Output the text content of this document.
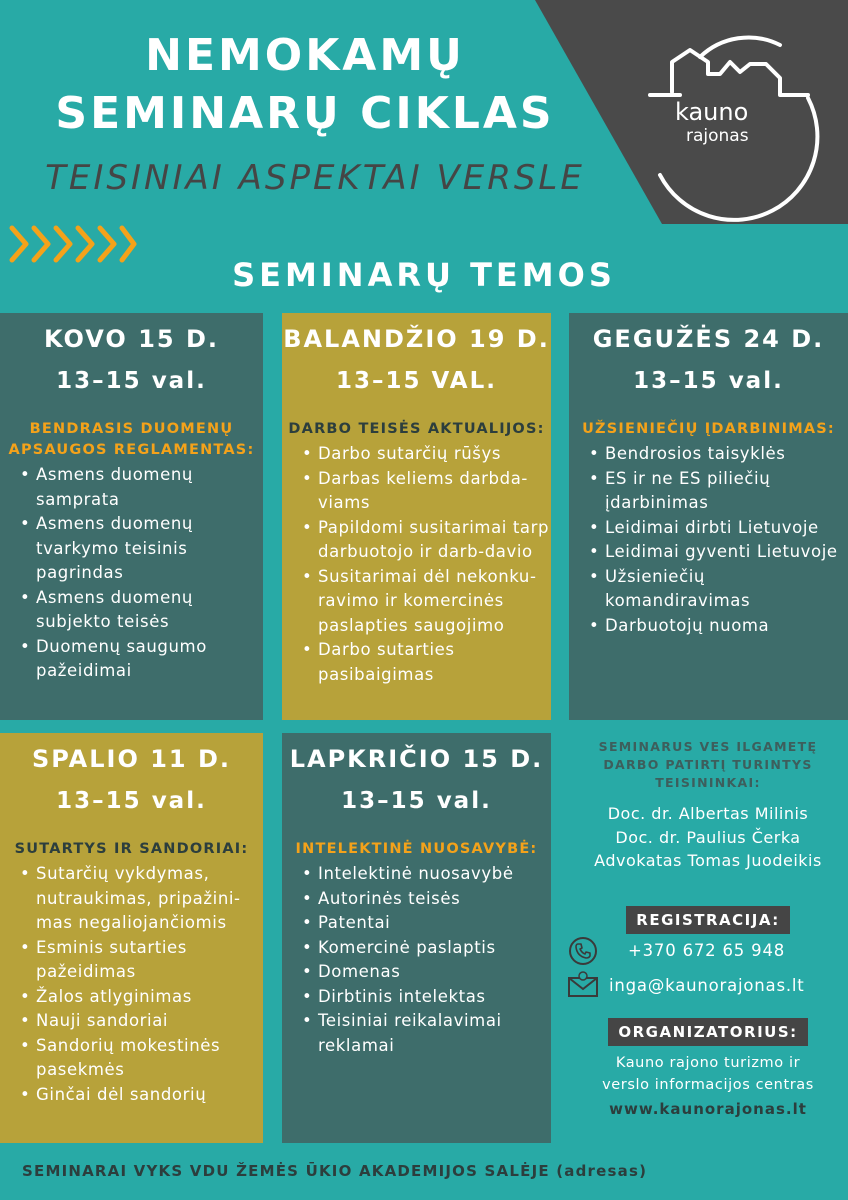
kauno
rajonas
NEMOKAMŲ
SEMINARŲ CIKLAS
TEISINIAI ASPEKTAI VERSLE
SEMINARŲ TEMOS
KOVO 15 D.
13–15 val.
BENDRASIS DUOMENŲ APSAUGOS REGLAMENTAS:
• Asmens duomenų samprata
• Asmens duomenų tvarkymo teisinis pagrindas
• Asmens duomenų subjekto teisės
• Duomenų saugumo pažeidimai
BALANDŽIO 19 D.
13–15 VAL.
DARBO TEISĖS AKTUALIJOS:
• Darbo sutarčių rūšys
• Darbas keliems darbda-viams
• Papildomi susitarimai tarp darbuotojo ir darb-davio
• Susitarimai dėl nekonku-ravimo ir komercinės paslapties saugojimo
• Darbo sutarties pasibaigimas
GEGUŽĖS 24 D.
13–15 val.
UŽSIENIEČIŲ ĮDARBINIMAS:
• Bendrosios taisyklės
• ES ir ne ES piliečių įdarbinimas
• Leidimai dirbti Lietuvoje
• Leidimai gyventi Lietuvoje
• Užsieniečių komandiravimas
• Darbuotojų nuoma
SPALIO 11 D.
13–15 val.
SUTARTYS IR SANDORIAI:
• Sutarčių vykdymas, nutraukimas, pripažini-mas negaliojančiomis
• Esminis sutarties pažeidimas
• Žalos atlyginimas
• Nauji sandoriai
• Sandorių mokestinės pasekmės
• Ginčai dėl sandorių
LAPKRIČIO 15 D.
13–15 val.
INTELEKTINĖ NUOSAVYBĖ:
• Intelektinė nuosavybė
• Autorinės teisės
• Patentai
• Komercinė paslaptis
• Domenas
• Dirbtinis intelektas
• Teisiniai reikalavimai reklamai
SEMINARUS VES ILGAMETĘ DARBO PATIRTĮ TURINTYS TEISININKAI:
Doc. dr. Albertas Milinis
Doc. dr. Paulius Čerka
Advokatas Tomas Juodeikis
REGISTRACIJA:
+370 672 65 948
inga@kaunorajonas.lt
ORGANIZATORIUS:
Kauno rajono turizmo ir verslo informacijos centras
www.kaunorajonas.lt
SEMINARAI VYKS VDU ŽEMĖS ŪKIO AKADEMIJOS SALĖJE (adresas)
